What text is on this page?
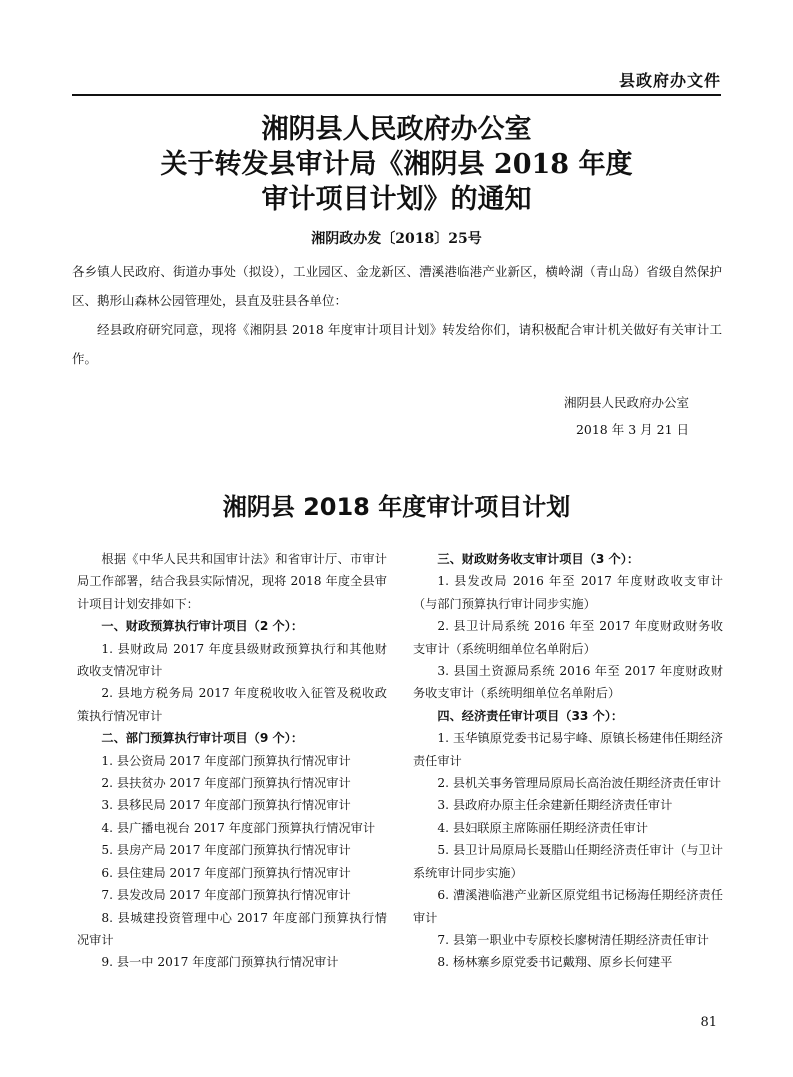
县政府办文件
湘阴县人民政府办公室
关于转发县审计局《湘阴县 2018 年度
审计项目计划》的通知
湘阴政办发〔2018〕25号
各乡镇人民政府、街道办事处（拟设），工业园区、金龙新区、漕溪港临港产业新区，横岭湖（青山岛）省级自然保护区、鹅形山森林公园管理处，县直及驻县各单位：
经县政府研究同意，现将《湘阴县 2018 年度审计项目计划》转发给你们，请积极配合审计机关做好有关审计工作。
湘阴县人民政府办公室
2018 年 3 月 21 日
湘阴县 2018 年度审计项目计划

根据《中华人民共和国审计法》和省审计厅、市审计局工作部署，结合我县实际情况，现将 2018 年度全县审计项目计划安排如下：

一、财政预算执行审计项目（2 个）：

1. 县财政局 2017 年度县级财政预算执行和其他财政收支情况审计

2. 县地方税务局 2017 年度税收收入征管及税收政策执行情况审计

二、部门预算执行审计项目（9 个）：

1. 县公资局 2017 年度部门预算执行情况审计

2. 县扶贫办 2017 年度部门预算执行情况审计

3. 县移民局 2017 年度部门预算执行情况审计

4. 县广播电视台 2017 年度部门预算执行情况审计

5. 县房产局 2017 年度部门预算执行情况审计

6. 县住建局 2017 年度部门预算执行情况审计

7. 县发改局 2017 年度部门预算执行情况审计

8. 县城建投资管理中心 2017 年度部门预算执行情况审计

9. 县一中 2017 年度部门预算执行情况审计

三、财政财务收支审计项目（3 个）：

1. 县发改局 2016 年至 2017 年度财政收支审计（与部门预算执行审计同步实施）

2. 县卫计局系统 2016 年至 2017 年度财政财务收支审计（系统明细单位名单附后）

3. 县国土资源局系统 2016 年至 2017 年度财政财务收支审计（系统明细单位名单附后）

四、经济责任审计项目（33 个）：

1. 玉华镇原党委书记易宇峰、原镇长杨建伟任期经济责任审计

2. 县机关事务管理局原局长高治波任期经济责任审计

3. 县政府办原主任余建新任期经济责任审计

4. 县妇联原主席陈丽任期经济责任审计

5. 县卫计局原局长聂腊山任期经济责任审计（与卫计系统审计同步实施）

6. 漕溪港临港产业新区原党组书记杨海任期经济责任审计

7. 县第一职业中专原校长廖树清任期经济责任审计

8. 杨林寨乡原党委书记戴翔、原乡长何建平

81
